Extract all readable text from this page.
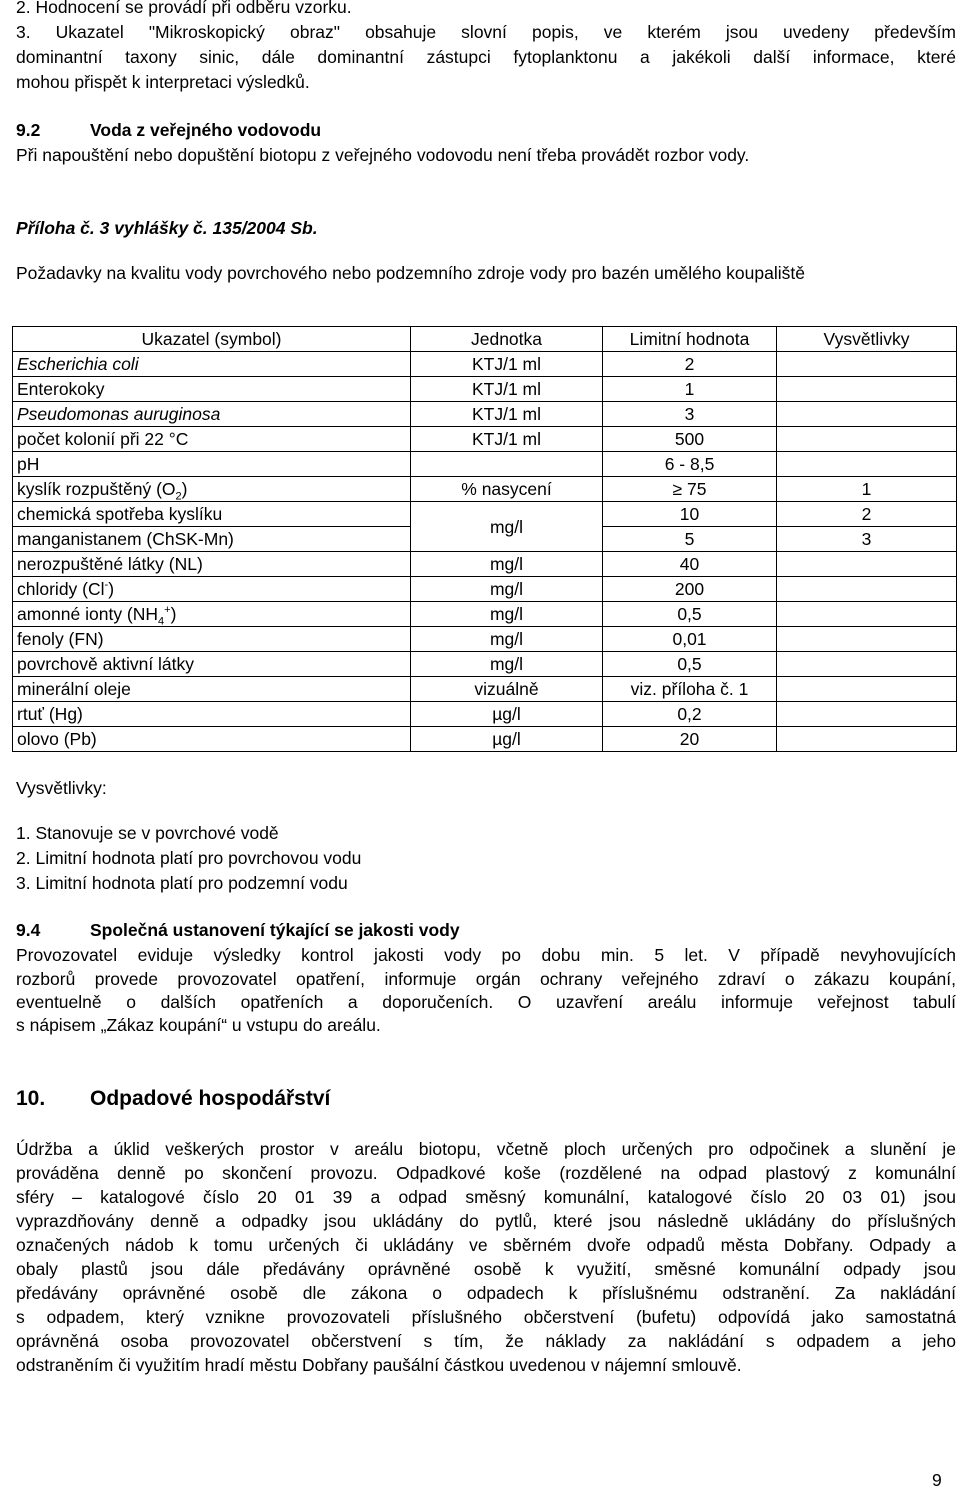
2. Hodnocení se provádí při odběru vzorku.
3. Ukazatel "Mikroskopický obraz" obsahuje slovní popis, ve kterém jsou uvedeny především
dominantní taxony sinic, dále dominantní zástupci fytoplanktonu a jakékoli další informace, které
mohou přispět k interpretaci výsledků.
9.2	Voda z veřejného vodovodu
Při napouštění nebo dopuštění biotopu z veřejného vodovodu není třeba provádět rozbor vody.
Příloha č. 3 vyhlášky č. 135/2004 Sb.
Požadavky na kvalitu vody povrchového nebo podzemního zdroje vody pro bazén umělého koupaliště
Ukazatel (symbol)	Jednotka	Limitní hodnota	Vysvětlivky
Escherichia coli	KTJ/1 ml	2	
Enterokoky	KTJ/1 ml	1	
Pseudomonas auruginosa	KTJ/1 ml	3	
počet kolonií při 22 °C	KTJ/1 ml	500	
pH		6 - 8,5	
kyslík rozpuštěný $(O_2)$	% nasycení	≥ 75	1
chemická spotřeba kyslíku	mg/l	10	2
manganistanem (ChSK-Mn)		5	3
nerozpuštěné látky (NL)	mg/l	40	
chloridy (Cl-)	mg/l	200	
amonné ionty $(NH_4^+)$	mg/l	0,5	
fenoly (FN)	mg/l	0,01	
povrchově aktivní látky	mg/l	0,5	
minerální oleje	vizuálně	viz. příloha č. 1	
rtuť (Hg)	µg/l	0,2	
olovo (Pb)	µg/l	20	
Vysvětlivky:
1. Stanovuje se v povrchové vodě
2. Limitní hodnota platí pro povrchovou vodu
3. Limitní hodnota platí pro podzemní vodu
9.4	Společná ustanovení týkající se jakosti vody
Provozovatel eviduje výsledky kontrol jakosti vody po dobu min. 5 let. V případě nevyhovujících
rozborů provede provozovatel opatření, informuje orgán ochrany veřejného zdraví o zákazu koupání,
eventuelně o dalších opatřeních a doporučeních. O uzavření areálu informuje veřejnost tabulí
s nápisem „Zákaz koupání“ u vstupu do areálu.
10. Odpadové hospodářství
Údržba a úklid veškerých prostor v areálu biotopu, včetně ploch určených pro odpočinek a slunění je
prováděna denně po skončení provozu. Odpadkové koše (rozdělené na odpad plastový z komunální
sféry – katalogové číslo 20 01 39 a odpad směsný komunální, katalogové číslo 20 03 01) jsou
vyprazdňovány denně a odpadky jsou ukládány do pytlů, které jsou následně ukládány do příslušných
označených nádob k tomu určených či ukládány ve sběrném dvoře odpadů města Dobřany. Odpady a
obaly plastů jsou dále předávány oprávněné osobě k využití, směsné komunální odpady jsou
předávány oprávněné osobě dle zákona o odpadech k příslušnému odstranění. Za nakládání
s odpadem, který vznikne provozovateli příslušného občerstvení (bufetu) odpovídá jako samostatná
oprávněná osoba provozovatel občerstvení s tím, že náklady za nakládání s odpadem a jeho
odstraněním či využitím hradí městu Dobřany paušální částkou uvedenou v nájemní smlouvě.
9
